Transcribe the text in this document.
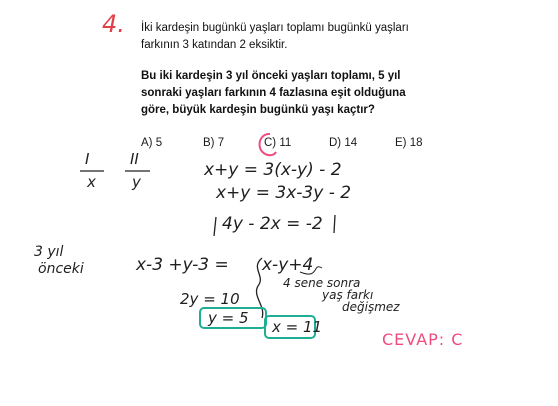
4. İki kardeşin bugünkü yaşları toplamı bugünkü yaşları
farkının 3 katından 2 eksiktir.
Bu iki kardeşin 3 yıl önceki yaşları toplamı, 5 yıl
sonraki yaşları farkının 4 fazlasına eşit olduğuna
göre, büyük kardeşin bugünkü yaşı kaçtır?
A) 5	B) 7	C) 11	D) 14	E) 18
I
x
II
y
x+y = 3(x-y) - 2
x+y = 3x-3y - 2
4y - 2x = -2
3 yıl
önceki	x-3 +y-3 = x-y+4
4 sene sonra
yaş farkı
değişmez
2y = 10
y = 5 x = 11
CEVAP: C
